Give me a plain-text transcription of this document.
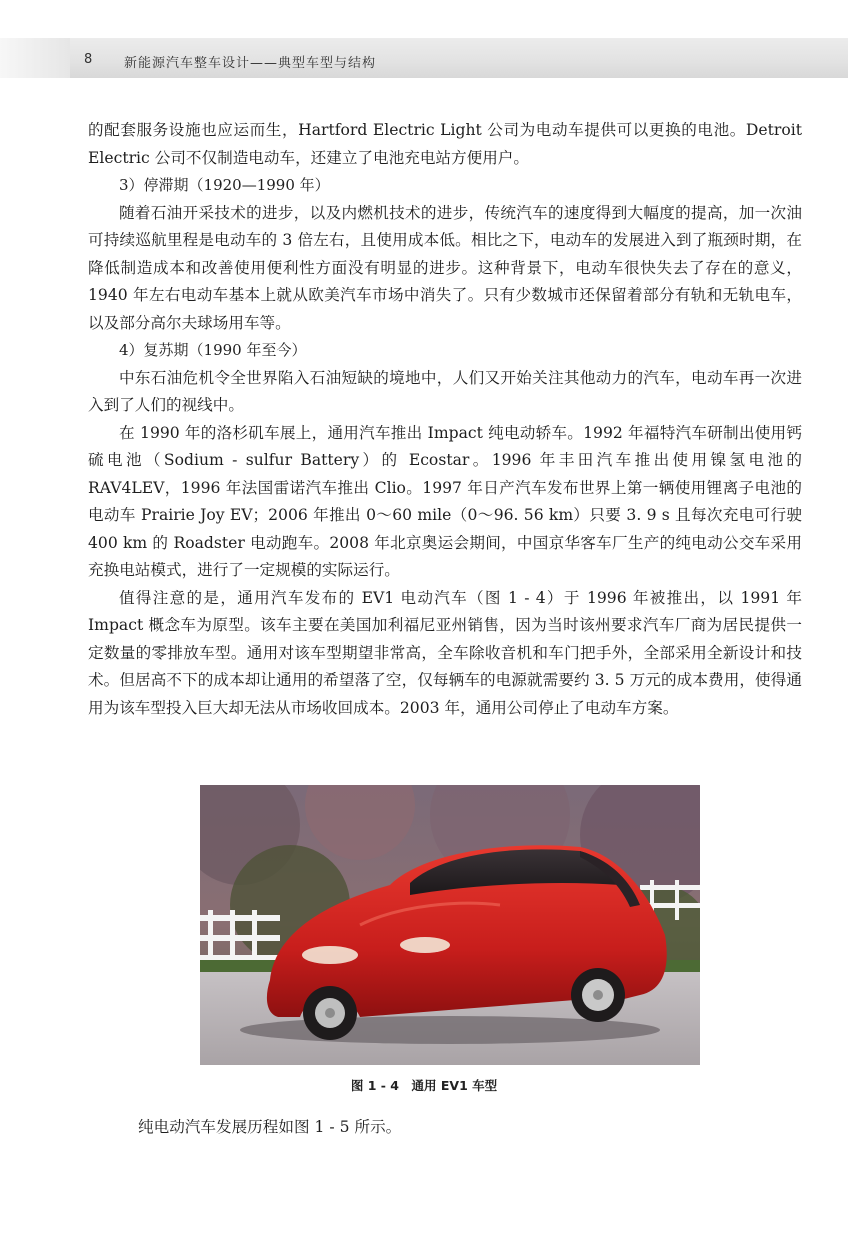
8 新能源汽车整车设计——典型车型与结构

的配套服务设施也应运而生，Hartford Electric Light 公司为电动车提供可以更换的电池。Detroit Electric 公司不仅制造电动车，还建立了电池充电站方便用户。

3）停滞期（1920—1990 年）

随着石油开采技术的进步，以及内燃机技术的进步，传统汽车的速度得到大幅度的提高，加一次油可持续巡航里程是电动车的 3 倍左右，且使用成本低。相比之下，电动车的发展进入到了瓶颈时期，在降低制造成本和改善使用便利性方面没有明显的进步。这种背景下，电动车很快失去了存在的意义，1940 年左右电动车基本上就从欧美汽车市场中消失了。只有少数城市还保留着部分有轨和无轨电车，以及部分高尔夫球场用车等。

4）复苏期（1990 年至今）

中东石油危机令全世界陷入石油短缺的境地中，人们又开始关注其他动力的汽车，电动车再一次进入到了人们的视线中。

在 1990 年的洛杉矶车展上，通用汽车推出 Impact 纯电动轿车。1992 年福特汽车研制出使用钙硫电池（Sodium - sulfur Battery）的 Ecostar。1996 年丰田汽车推出使用镍氢电池的 RAV4LEV，1996 年法国雷诺汽车推出 Clio。1997 年日产汽车发布世界上第一辆使用锂离子电池的电动车 Prairie Joy EV；2006 年推出 0～60 mile（0～96. 56 km）只要 3. 9 s 且每次充电可行驶 400 km 的 Roadster 电动跑车。2008 年北京奥运会期间，中国京华客车厂生产的纯电动公交车采用充换电站模式，进行了一定规模的实际运行。

值得注意的是，通用汽车发布的 EV1 电动汽车（图 1 - 4）于 1996 年被推出，以 1991 年 Impact 概念车为原型。该车主要在美国加利福尼亚州销售，因为当时该州要求汽车厂商为居民提供一定数量的零排放车型。通用对该车型期望非常高，全车除收音机和车门把手外，全部采用全新设计和技术。但居高不下的成本却让通用的希望落了空，仅每辆车的电源就需要约 3. 5 万元的成本费用，使得通用为该车型投入巨大却无法从市场收回成本。2003 年，通用公司停止了电动车方案。

图 1 - 4　通用 EV1 车型

纯电动汽车发展历程如图 1 - 5 所示。
